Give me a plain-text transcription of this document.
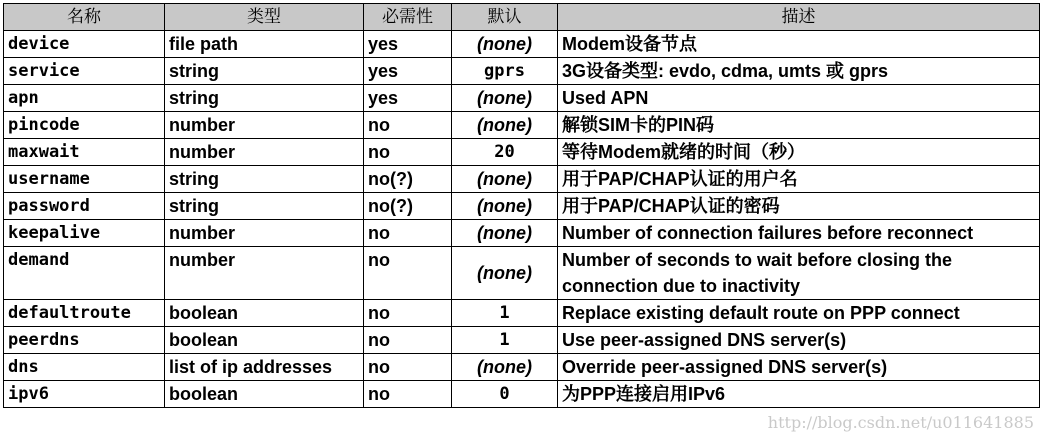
名称	类型	必需性	默认	描述
device	file path	yes	(none)	Modem设备节点
service	string	yes	gprs	3G设备类型: evdo, cdma, umts 或 gprs
apn	string	yes	(none)	Used APN
pincode	number	no	(none)	解锁SIM卡的PIN码
maxwait	number	no	20	等待Modem就绪的时间（秒）
username	string	no(?)	(none)	用于PAP/CHAP认证的用户名
password	string	no(?)	(none)	用于PAP/CHAP认证的密码
keepalive	number	no	(none)	Number of connection failures before reconnect
demand	number	no	(none)	Number of seconds to wait before closing the connection due to inactivity
defaultroute	boolean	no	1	Replace existing default route on PPP connect
peerdns	boolean	no	1	Use peer-assigned DNS server(s)
dns	list of ip addresses	no	(none)	Override peer-assigned DNS server(s)
ipv6	boolean	no	0	为PPP连接启用IPv6
http://blog.csdn.net/u011641885
